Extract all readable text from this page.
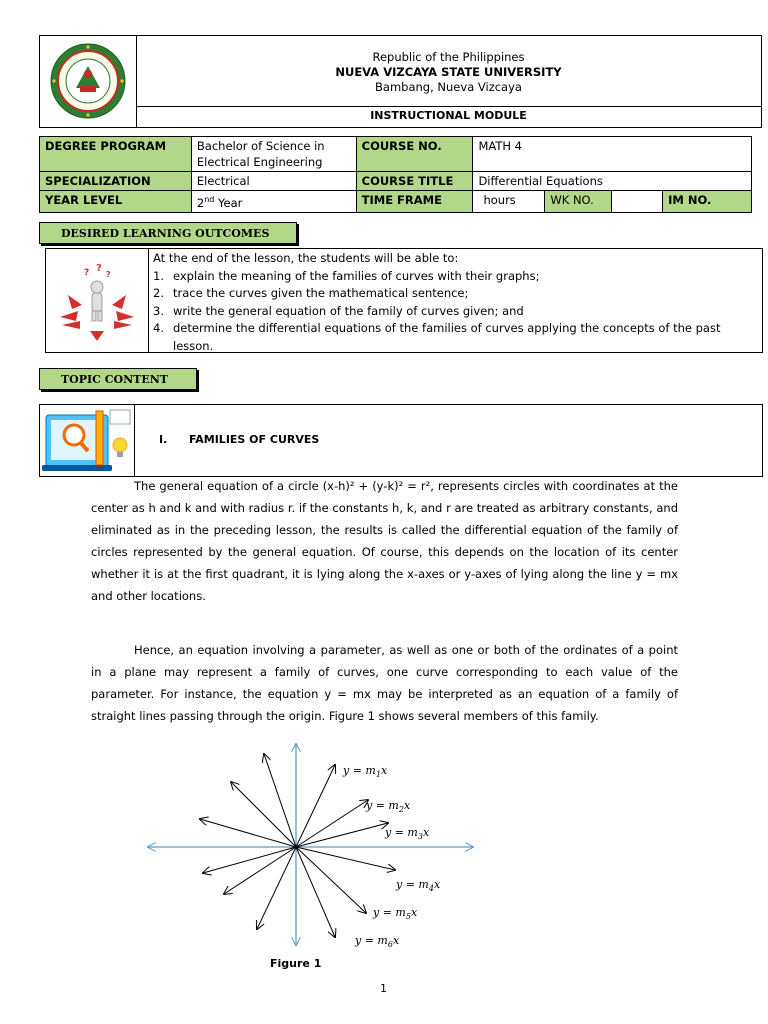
Republic of the Philippines
NUEVA VIZCAYA STATE UNIVERSITY
Bambang, Nueva Vizcaya
INSTRUCTIONAL MODULE
DEGREE PROGRAM	Bachelor of Science in Electrical Engineering	COURSE NO.	MATH 4			
SPECIALIZATION	Electrical	COURSE TITLE	Differential Equations			
YEAR LEVEL	2nd Year	TIME FRAME	hours	WK NO.		IM NO.
DESIRED LEARNING OUTCOMES
? ?
?
At the end of the lesson, the students will be able to:
1. explain the meaning of the families of curves with their graphs;
2. trace the curves given the mathematical sentence;
3. write the general equation of the family of curves given; and
4. determine the differential equations of the families of curves applying the concepts of the past lesson.
TOPIC CONTENT
I. FAMILIES OF CURVES
The general equation of a circle (x-h)² + (y-k)² = r², represents circles with coordinates at the center as h and k and with radius r. if the constants h, k, and r are treated as arbitrary constants, and eliminated as in the preceding lesson, the results is called the differential equation of the family of circles represented by the general equation. Of course, this depends on the location of its center whether it is at the first quadrant, it is lying along the x-axes or y-axes of lying along the line y = mx and other locations.
Hence, an equation involving a parameter, as well as one or both of the ordinates of a point in a plane may represent a family of curves, one curve corresponding to each value of the parameter. For instance, the equation y = mx may be interpreted as an equation of a family of straight lines passing through the origin. Figure 1 shows several members of this family.
$y = m_1x$
$y = m_2x$
$y = m_3x$
$y = m_4x$
$y = m_5x$
$y = m_6x$
Figure 1
1
